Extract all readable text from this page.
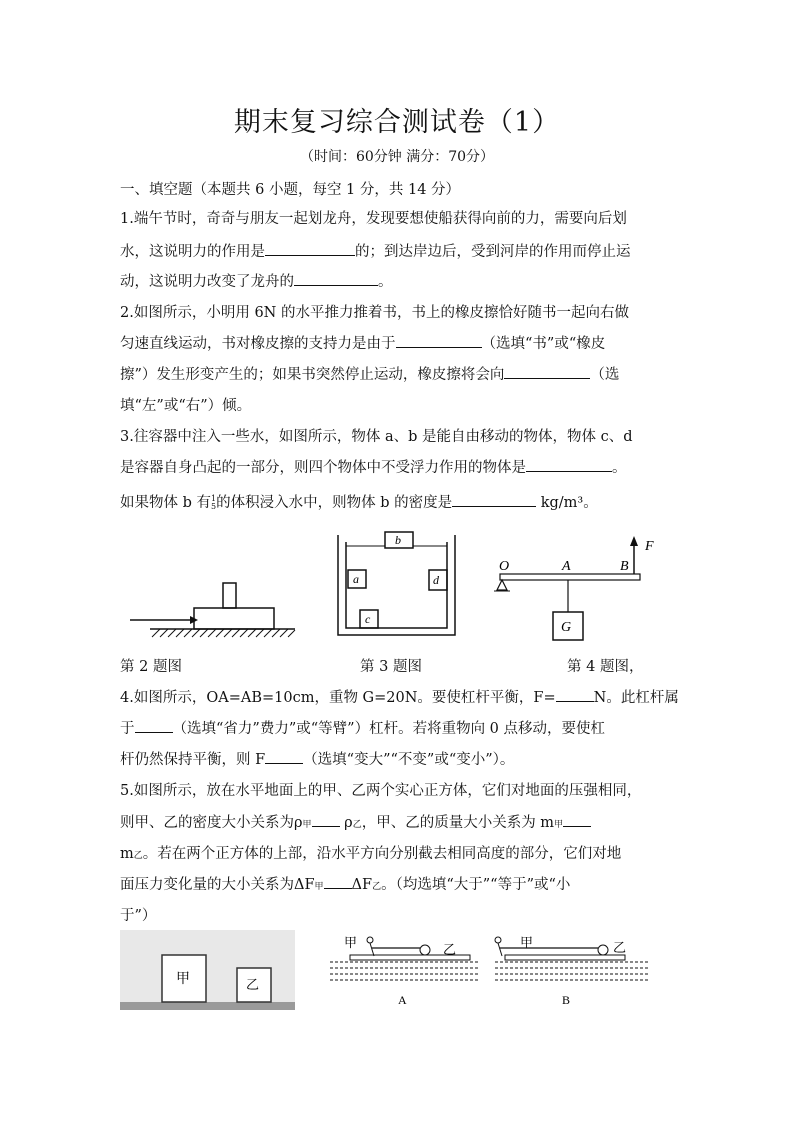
期末复习综合测试卷（1）
（时间：60分钟 满分：70分）
一、填空题（本题共 6 小题，每空 1 分，共 14 分）
1.端午节时，奇奇与朋友一起划龙舟，发现要想使船获得向前的力，需要向后划
水，这说明力的作用是	的；到达岸边后，受到河岸的作用而停止运
动，这说明力改变了龙舟的	。
2.如图所示，小明用 6N 的水平推力推着书，书上的橡皮擦恰好随书一起向右做
匀速直线运动，书对橡皮擦的支持力是由于	（选填“书”或“橡皮
擦”）发生形变产生的；如果书突然停止运动，橡皮擦将会向	（选
填“左”或“右”）倾。
3.往容器中注入一些水，如图所示，物体 a、b 是能自由移动的物体，物体 c、d
是容器自身凸起的一部分，则四个物体中不受浮力作用的物体是	。
如果物体 b 有1
5的体积浸入水中，则物体 b 的密度是	kg/m³。
b
a	d
c
O	A	B
F
G
第 2 题图	第 3 题图	第 4 题图，
4.如图所示，OA=AB=10cm，重物 G=20N。要使杠杆平衡，F=	N。此杠杆属
于	（选填“省力”费力”或“等臂”）杠杆。若将重物向 0 点移动，要使杠
杆仍然保持平衡，则 F	（选填“变大”“不变”或“变小”）。
5.如图所示，放在水平地面上的甲、乙两个实心正方体，它们对地面的压强相同，
则甲、乙的密度大小关系为ρ甲 ρ乙，甲、乙的质量大小关系为 m甲
m乙。若在两个正方体的上部，沿水平方向分别截去相同高度的部分，它们对地
面压力变化量的大小关系为ΔF甲 ΔF乙。（均选填“大于”“等于”或“小
于”）
甲	乙
甲	乙
A
甲	乙
B
